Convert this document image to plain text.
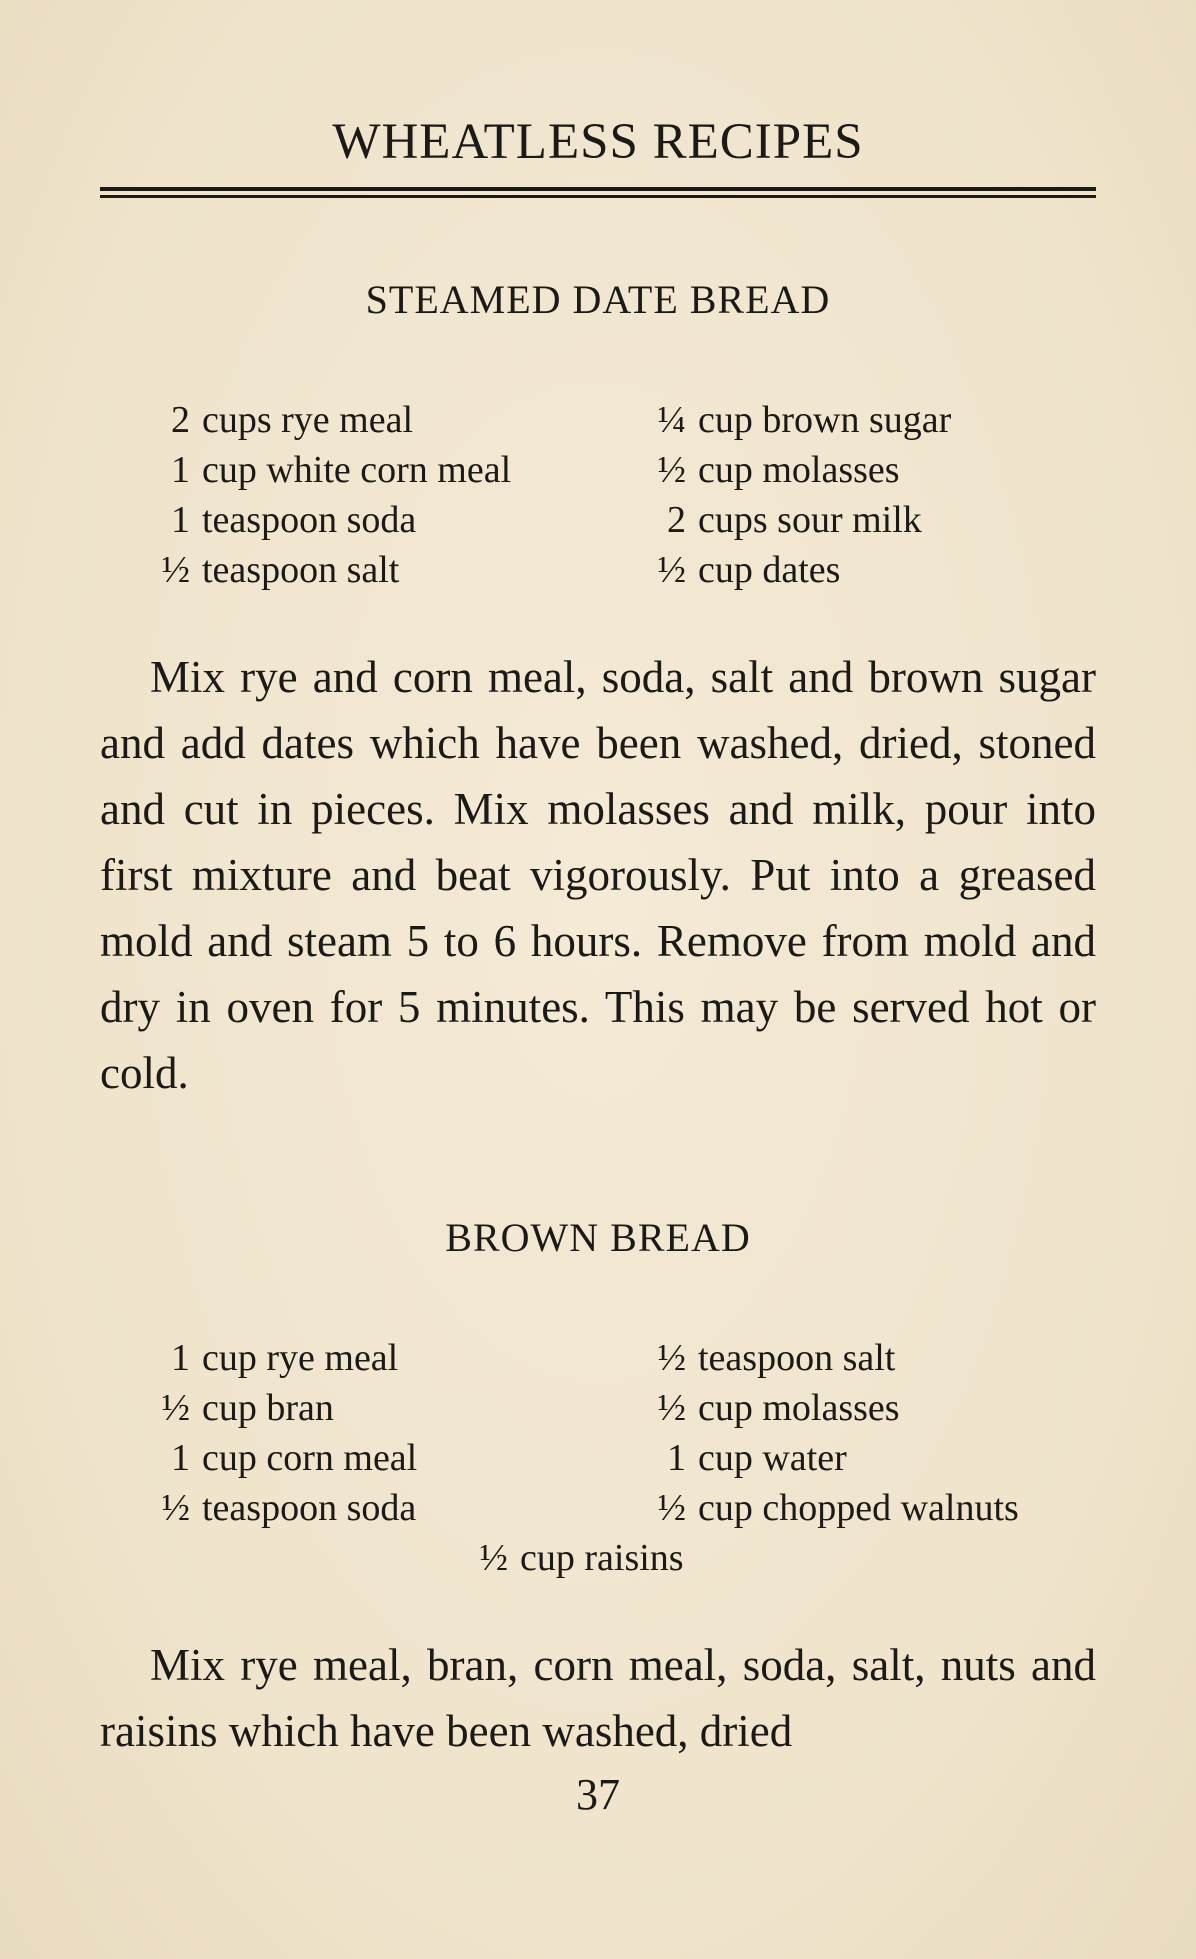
WHEATLESS RECIPES
STEAMED DATE BREAD
2 cups rye meal
1 cup white corn meal
1 teaspoon soda
½ teaspoon salt
¼ cup brown sugar
½ cup molasses
2 cups sour milk
½ cup dates

Mix rye and corn meal, soda, salt and brown sugar and add dates which have been washed, dried, stoned and cut in pieces. Mix molasses and milk, pour into first mixture and beat vigorously. Put into a greased mold and steam 5 to 6 hours. Remove from mold and dry in oven for 5 minutes. This may be served hot or cold.

BROWN BREAD
1 cup rye meal
½ cup bran
1 cup corn meal
½ teaspoon soda
½ teaspoon salt
½ cup molasses
1 cup water
½ cup chopped walnuts
½ cup raisins

Mix rye meal, bran, corn meal, soda, salt, nuts and raisins which have been washed, dried

37
